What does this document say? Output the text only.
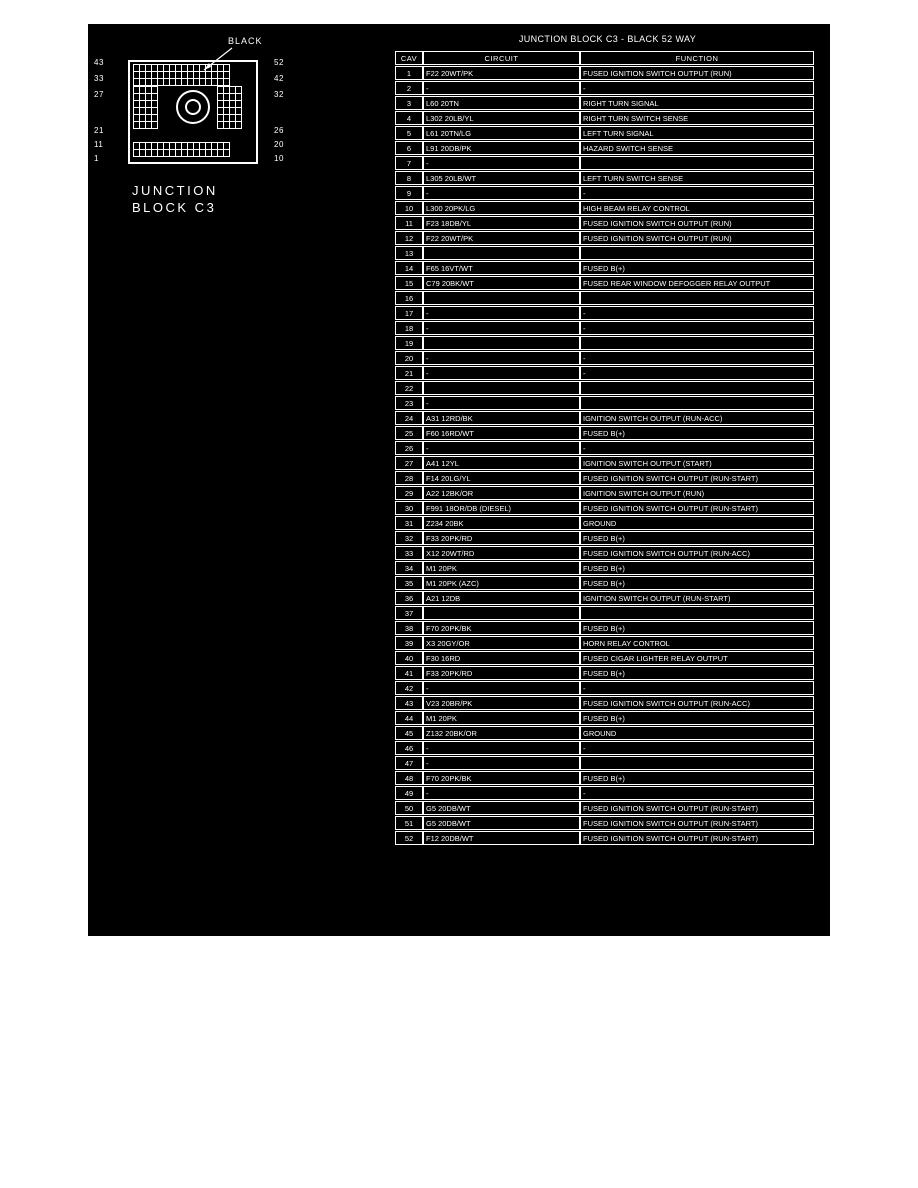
BLACK
43
33
27
21
11
1
52
42
32
26
20
10
JUNCTION
BLOCK C3
JUNCTION BLOCK C3 - BLACK 52 WAY
CAV	CIRCUIT	FUNCTION
1	F22 20WT/PK	FUSED IGNITION SWITCH OUTPUT (RUN)
2	-	-
3	L60 20TN	RIGHT TURN SIGNAL
4	L302 20LB/YL	RIGHT TURN SWITCH SENSE
5	L61 20TN/LG	LEFT TURN SIGNAL
6	L91 20DB/PK	HAZARD SWITCH SENSE
7	-	
8	L305 20LB/WT	LEFT TURN SWITCH SENSE
9	-	-
10	L300 20PK/LG	HIGH BEAM RELAY CONTROL
11	F23 18DB/YL	FUSED IGNITION SWITCH OUTPUT (RUN)
12	F22 20WT/PK	FUSED IGNITION SWITCH OUTPUT (RUN)
13		
14	F65 16VT/WT	FUSED B(+)
15	C79 20BK/WT	FUSED REAR WINDOW DEFOGGER RELAY OUTPUT
16		
17	-	-
18	-	-
19		
20	-	-
21	-	-
22		
23	-	
24	A31 12RD/BK	IGNITION SWITCH OUTPUT (RUN-ACC)
25	F60 16RD/WT	FUSED B(+)
26	-	-
27	A41 12YL	IGNITION SWITCH OUTPUT (START)
28	F14 20LG/YL	FUSED IGNITION SWITCH OUTPUT (RUN-START)
29	A22 12BK/OR	IGNITION SWITCH OUTPUT (RUN)
30	F991 18OR/DB (DIESEL)	FUSED IGNITION SWITCH OUTPUT (RUN-START)
31	Z234 20BK	GROUND
32	F33 20PK/RD	FUSED B(+)
33	X12 20WT/RD	FUSED IGNITION SWITCH OUTPUT (RUN-ACC)
34	M1 20PK	FUSED B(+)
35	M1 20PK (AZC)	FUSED B(+)
36	A21 12DB	IGNITION SWITCH OUTPUT (RUN-START)
37		
38	F70 20PK/BK	FUSED B(+)
39	X3 20GY/OR	HORN RELAY CONTROL
40	F30 16RD	FUSED CIGAR LIGHTER RELAY OUTPUT
41	F33 20PK/RD	FUSED B(+)
42	-	-
43	V23 20BR/PK	FUSED IGNITION SWITCH OUTPUT (RUN-ACC)
44	M1 20PK	FUSED B(+)
45	Z132 20BK/OR	GROUND
46	-	-
47	-	
48	F70 20PK/BK	FUSED B(+)
49	-	-
50	G5 20DB/WT	FUSED IGNITION SWITCH OUTPUT (RUN-START)
51	G5 20DB/WT	FUSED IGNITION SWITCH OUTPUT (RUN-START)
52	F12 20DB/WT	FUSED IGNITION SWITCH OUTPUT (RUN-START)
